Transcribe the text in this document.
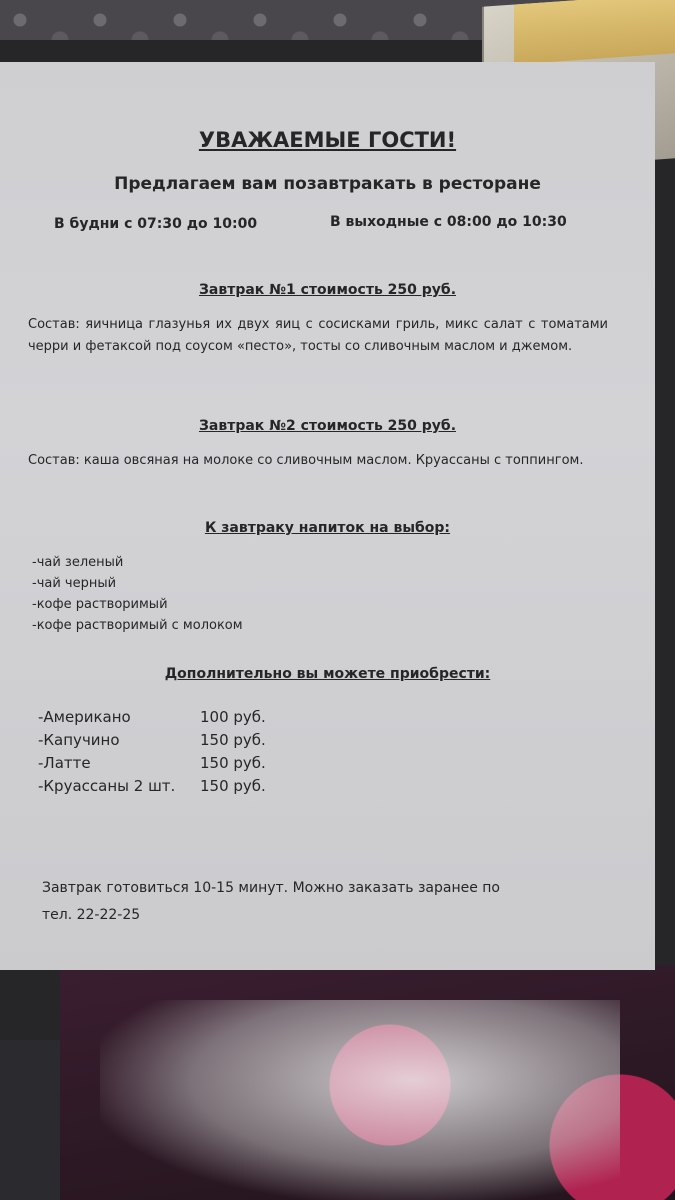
УВАЖАЕМЫЕ ГОСТИ!
Предлагаем вам позавтракать в ресторане
В будни с 07:30 до 10:00	В выходные с 08:00 до 10:30
Завтрак №1 стоимость 250 руб.
Состав: яичница глазунья их двух яиц с сосисками гриль, микс салат с томатами черри и фетаксой под соусом «песто», тосты со сливочным маслом и джемом.
Завтрак №2 стоимость 250 руб.
Состав: каша овсяная на молоке со сливочным маслом. Круассаны с топпингом.
К завтраку напиток на выбор:
-чай зеленый
-чай черный
-кофе растворимый
-кофе растворимый с молоком
Дополнительно вы можете приобрести:
-Американо	100 руб.
-Капучино	150 руб.
-Латте	150 руб.
-Круассаны 2 шт.	150 руб.
Завтрак готовиться 10-15 минут. Можно заказать заранее по
тел. 22-22-25
